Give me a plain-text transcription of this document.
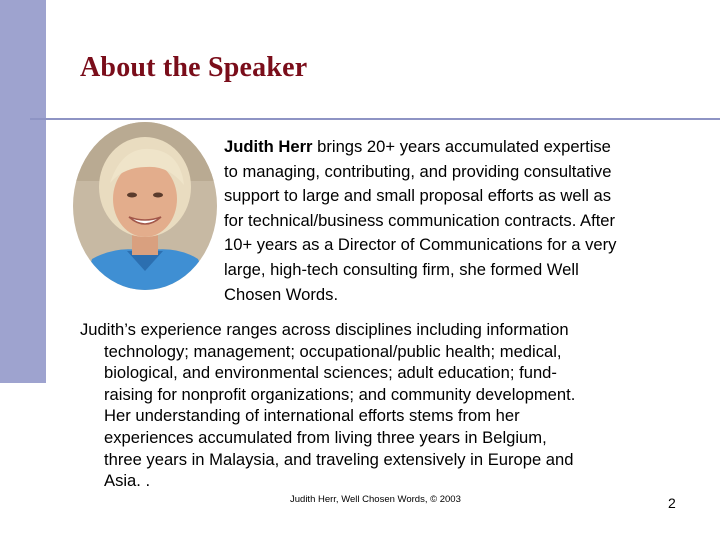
About the Speaker
Judith Herr brings 20+ years accumulated expertise
to managing, contributing, and providing consultative
support to large and small proposal efforts as well as
for technical/business communication contracts. After
10+ years as a Director of Communications for a very
large, high-tech consulting firm, she formed Well
Chosen Words.
Judith’s experience ranges across disciplines including information
technology; management; occupational/public health; medical,
biological, and environmental sciences; adult education; fund-
raising for nonprofit organizations; and community development.
Her understanding of international efforts stems from her
experiences accumulated from living three years in Belgium,
three years in Malaysia, and traveling extensively in Europe and
Asia. .
Judith Herr, Well Chosen Words, © 2003	2
